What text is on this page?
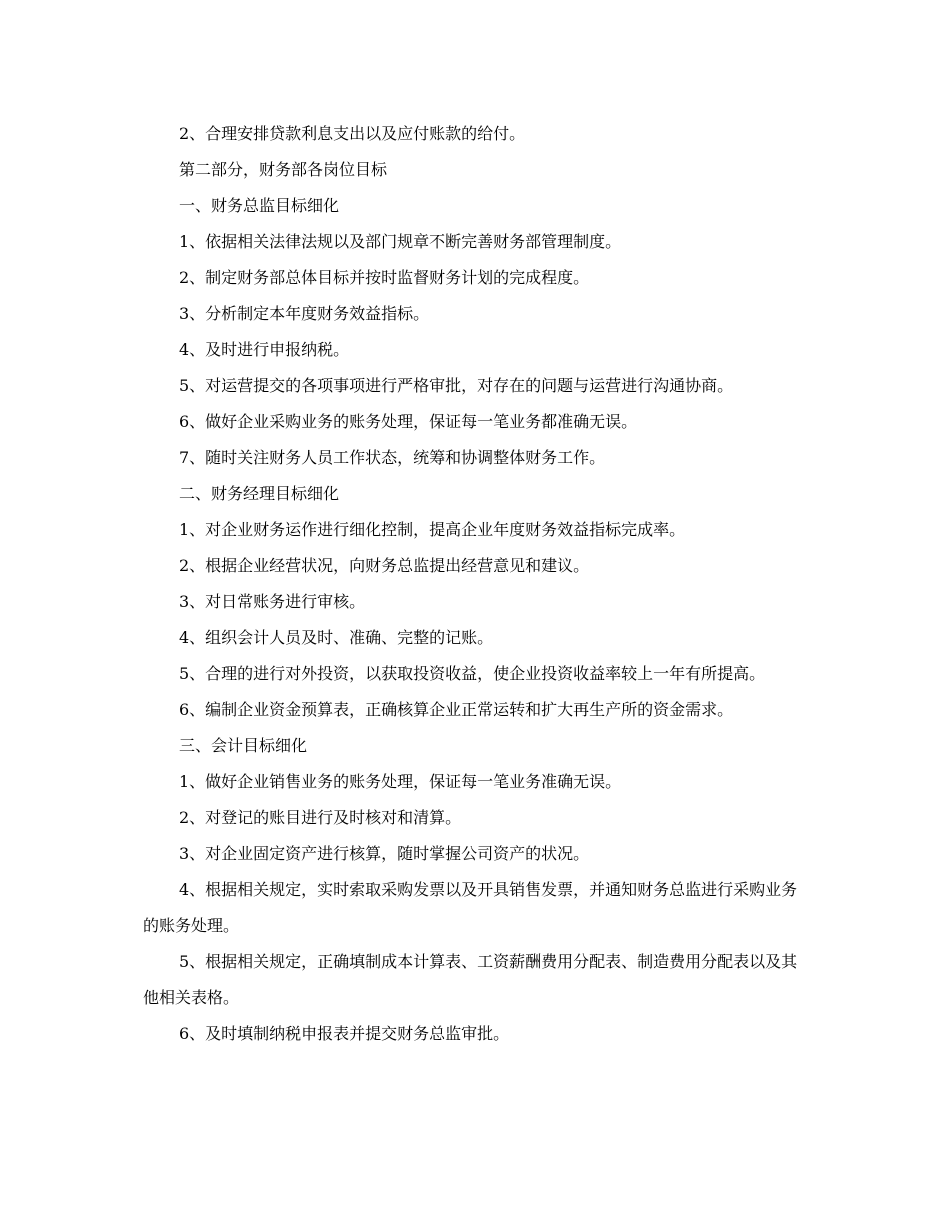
2、合理安排贷款利息支出以及应付账款的给付。

第二部分，财务部各岗位目标

一、财务总监目标细化

1、依据相关法律法规以及部门规章不断完善财务部管理制度。

2、制定财务部总体目标并按时监督财务计划的完成程度。

3、分析制定本年度财务效益指标。

4、及时进行申报纳税。

5、对运营提交的各项事项进行严格审批，对存在的问题与运营进行沟通协商。

6、做好企业采购业务的账务处理，保证每一笔业务都准确无误。

7、随时关注财务人员工作状态，统筹和协调整体财务工作。

二、财务经理目标细化

1、对企业财务运作进行细化控制，提高企业年度财务效益指标完成率。

2、根据企业经营状况，向财务总监提出经营意见和建议。

3、对日常账务进行审核。

4、组织会计人员及时、准确、完整的记账。

5、合理的进行对外投资，以获取投资收益，使企业投资收益率较上一年有所提高。

6、编制企业资金预算表，正确核算企业正常运转和扩大再生产所的资金需求。

三、会计目标细化

1、做好企业销售业务的账务处理，保证每一笔业务准确无误。

2、对登记的账目进行及时核对和清算。

3、对企业固定资产进行核算，随时掌握公司资产的状况。

4、根据相关规定，实时索取采购发票以及开具销售发票，并通知财务总监进行采购业务的账务处理。

5、根据相关规定，正确填制成本计算表、工资薪酬费用分配表、制造费用分配表以及其他相关表格。

6、及时填制纳税申报表并提交财务总监审批。
